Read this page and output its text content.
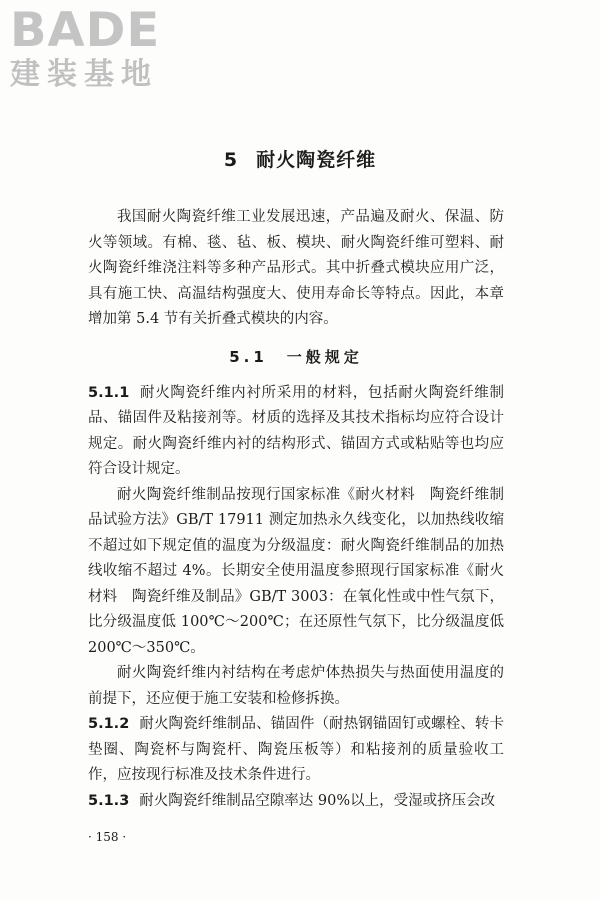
BADE
建装基地
5 耐火陶瓷纤维

我国耐火陶瓷纤维工业发展迅速，产品遍及耐火、保温、防火等领域。有棉、毯、毡、板、模块、耐火陶瓷纤维可塑料、耐火陶瓷纤维浇注料等多种产品形式。其中折叠式模块应用广泛，具有施工快、高温结构强度大、使用寿命长等特点。因此，本章增加第 5.4 节有关折叠式模块的内容。

5.1　 一般规定

5.1.1 耐火陶瓷纤维内衬所采用的材料，包括耐火陶瓷纤维制品、锚固件及粘接剂等。材质的选择及其技术指标均应符合设计规定。耐火陶瓷纤维内衬的结构形式、锚固方式或粘贴等也均应符合设计规定。

耐火陶瓷纤维制品按现行国家标准《耐火材料　陶瓷纤维制品试验方法》GB/T 17911 测定加热永久线变化，以加热线收缩不超过如下规定值的温度为分级温度：耐火陶瓷纤维制品的加热线收缩不超过 4%。长期安全使用温度参照现行国家标准《耐火材料　陶瓷纤维及制品》GB/T 3003：在氧化性或中性气氛下，比分级温度低 100℃～200℃；在还原性气氛下，比分级温度低 200℃～350℃。

耐火陶瓷纤维内衬结构在考虑炉体热损失与热面使用温度的前提下，还应便于施工安装和检修拆换。

5.1.2 耐火陶瓷纤维制品、锚固件（耐热钢锚固钉或螺栓、转卡垫圈、陶瓷杯与陶瓷杆、陶瓷压板等）和粘接剂的质量验收工作，应按现行标准及技术条件进行。

5.1.3 耐火陶瓷纤维制品空隙率达 90%以上，受湿或挤压会改

· 158 ·
